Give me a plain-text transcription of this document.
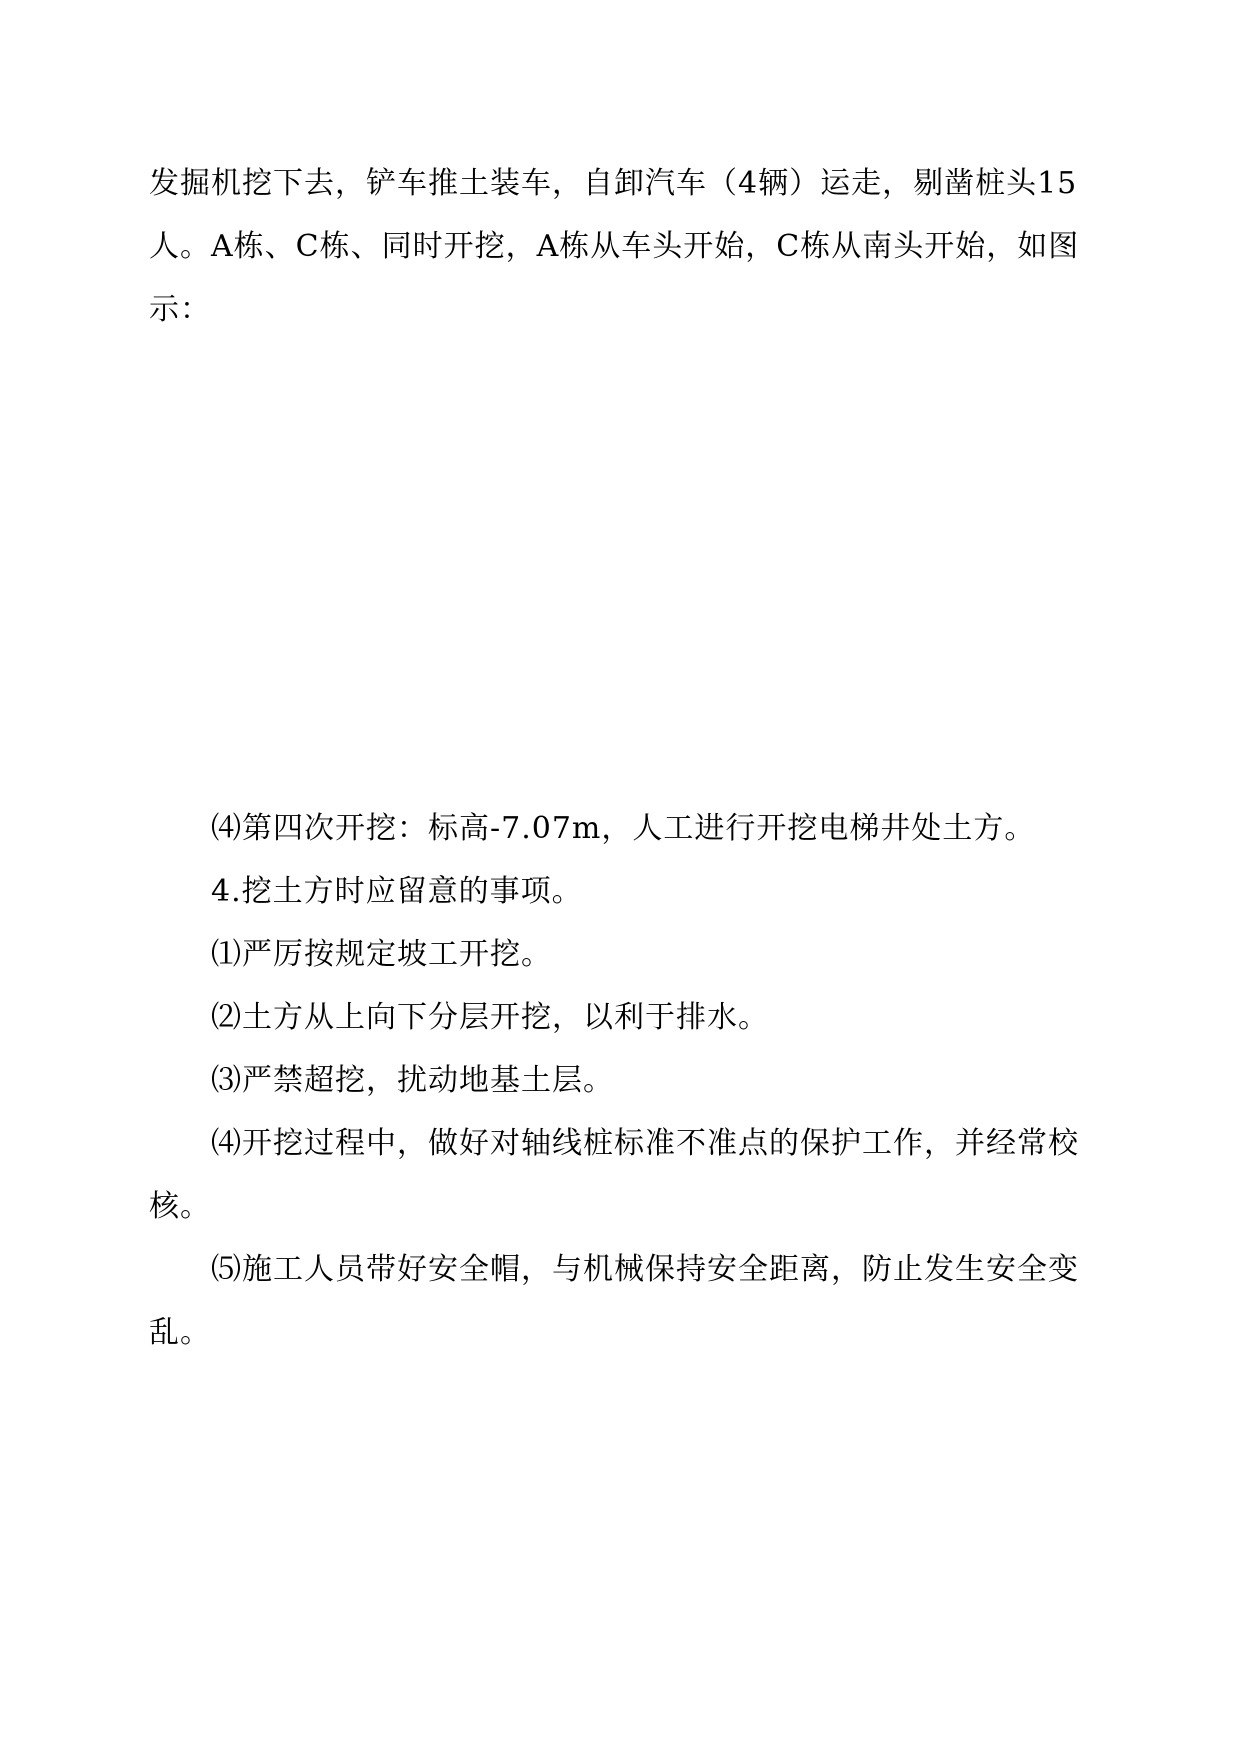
发掘机挖下去，铲车推土装车，自卸汽车（4辆）运走，剔凿桩头15人。A栋、C栋、同时开挖，A栋从车头开始，C栋从南头开始，如图示：

⑷第四次开挖：标高-7.07m，人工进行开挖电梯井处土方。

4.挖土方时应留意的事项。

⑴严厉按规定坡工开挖。

⑵土方从上向下分层开挖，以利于排水。

⑶严禁超挖，扰动地基土层。

⑷开挖过程中，做好对轴线桩标准不准点的保护工作，并经常校核。

⑸施工人员带好安全帽，与机械保持安全距离，防止发生安全变乱。
